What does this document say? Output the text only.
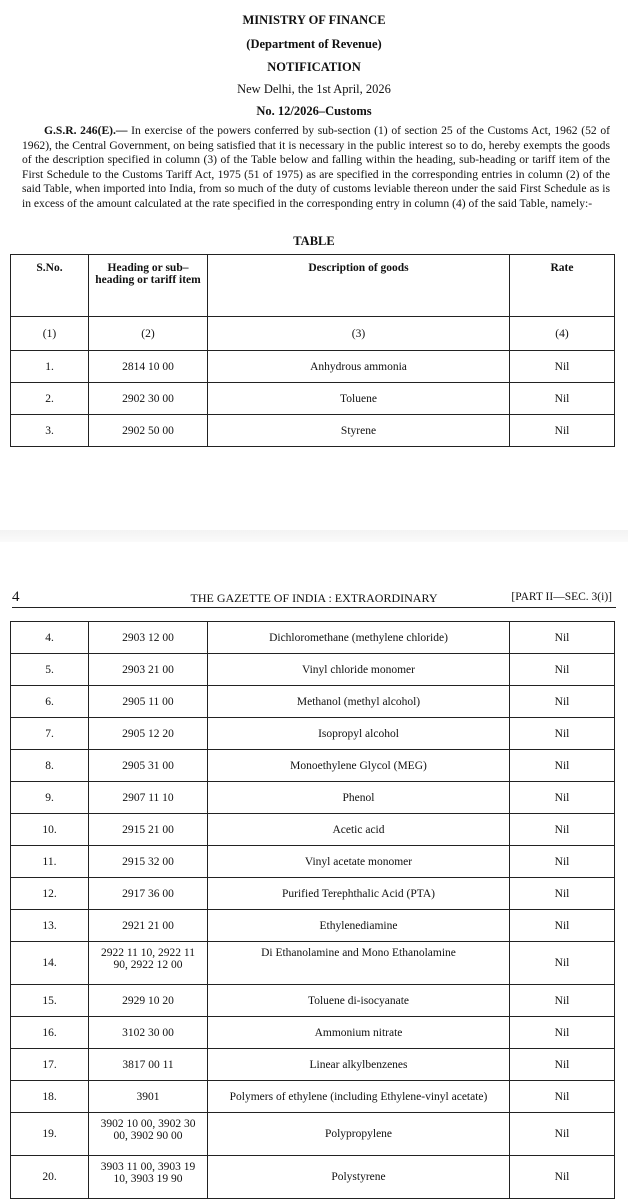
MINISTRY OF FINANCE
(Department of Revenue)
NOTIFICATION
New Delhi, the 1st April, 2026
No. 12/2026–Customs

G.S.R. 246(E).— In exercise of the powers conferred by sub-section (1) of section 25 of the Customs Act, 1962 (52 of 1962), the Central Government, on being satisfied that it is necessary in the public interest so to do, hereby exempts the goods of the description specified in column (3) of the Table below and falling within the heading, sub-heading or tariff item of the First Schedule to the Customs Tariff Act, 1975 (51 of 1975) as are specified in the corresponding entries in column (2) of the said Table, when imported into India, from so much of the duty of customs leviable thereon under the said First Schedule as is in excess of the amount calculated at the rate specified in the corresponding entry in column (4) of the said Table, namely:-

TABLE
S.No.	Heading or sub–heading or tariff item	Description of goods	Rate
(1)	(2)	(3)	(4)
1.	2814 10 00	Anhydrous ammonia	Nil
2.	2902 30 00	Toluene	Nil
3.	2902 50 00	Styrene	Nil
4	THE GAZETTE OF INDIA : EXTRAORDINARY	[PART II—SEC. 3(i)]
4.	2903 12 00	Dichloromethane (methylene chloride)	Nil
5.	2903 21 00	Vinyl chloride monomer	Nil
6.	2905 11 00	Methanol (methyl alcohol)	Nil
7.	2905 12 20	Isopropyl alcohol	Nil
8.	2905 31 00	Monoethylene Glycol (MEG)	Nil
9.	2907 11 10	Phenol	Nil
10.	2915 21 00	Acetic acid	Nil
11.	2915 32 00	Vinyl acetate monomer	Nil
12.	2917 36 00	Purified Terephthalic Acid (PTA)	Nil
13.	2921 21 00	Ethylenediamine	Nil
14.	2922 11 10, 2922 11 90, 2922 12 00	Di Ethanolamine and Mono Ethanolamine	Nil
15.	2929 10 20	Toluene di-isocyanate	Nil
16.	3102 30 00	Ammonium nitrate	Nil
17.	3817 00 11	Linear alkylbenzenes	Nil
18.	3901	Polymers of ethylene (including Ethylene-vinyl acetate)	Nil
19.	3902 10 00, 3902 30 00, 3902 90 00	Polypropylene	Nil
20.	3903 11 00, 3903 19 10, 3903 19 90	Polystyrene	Nil
